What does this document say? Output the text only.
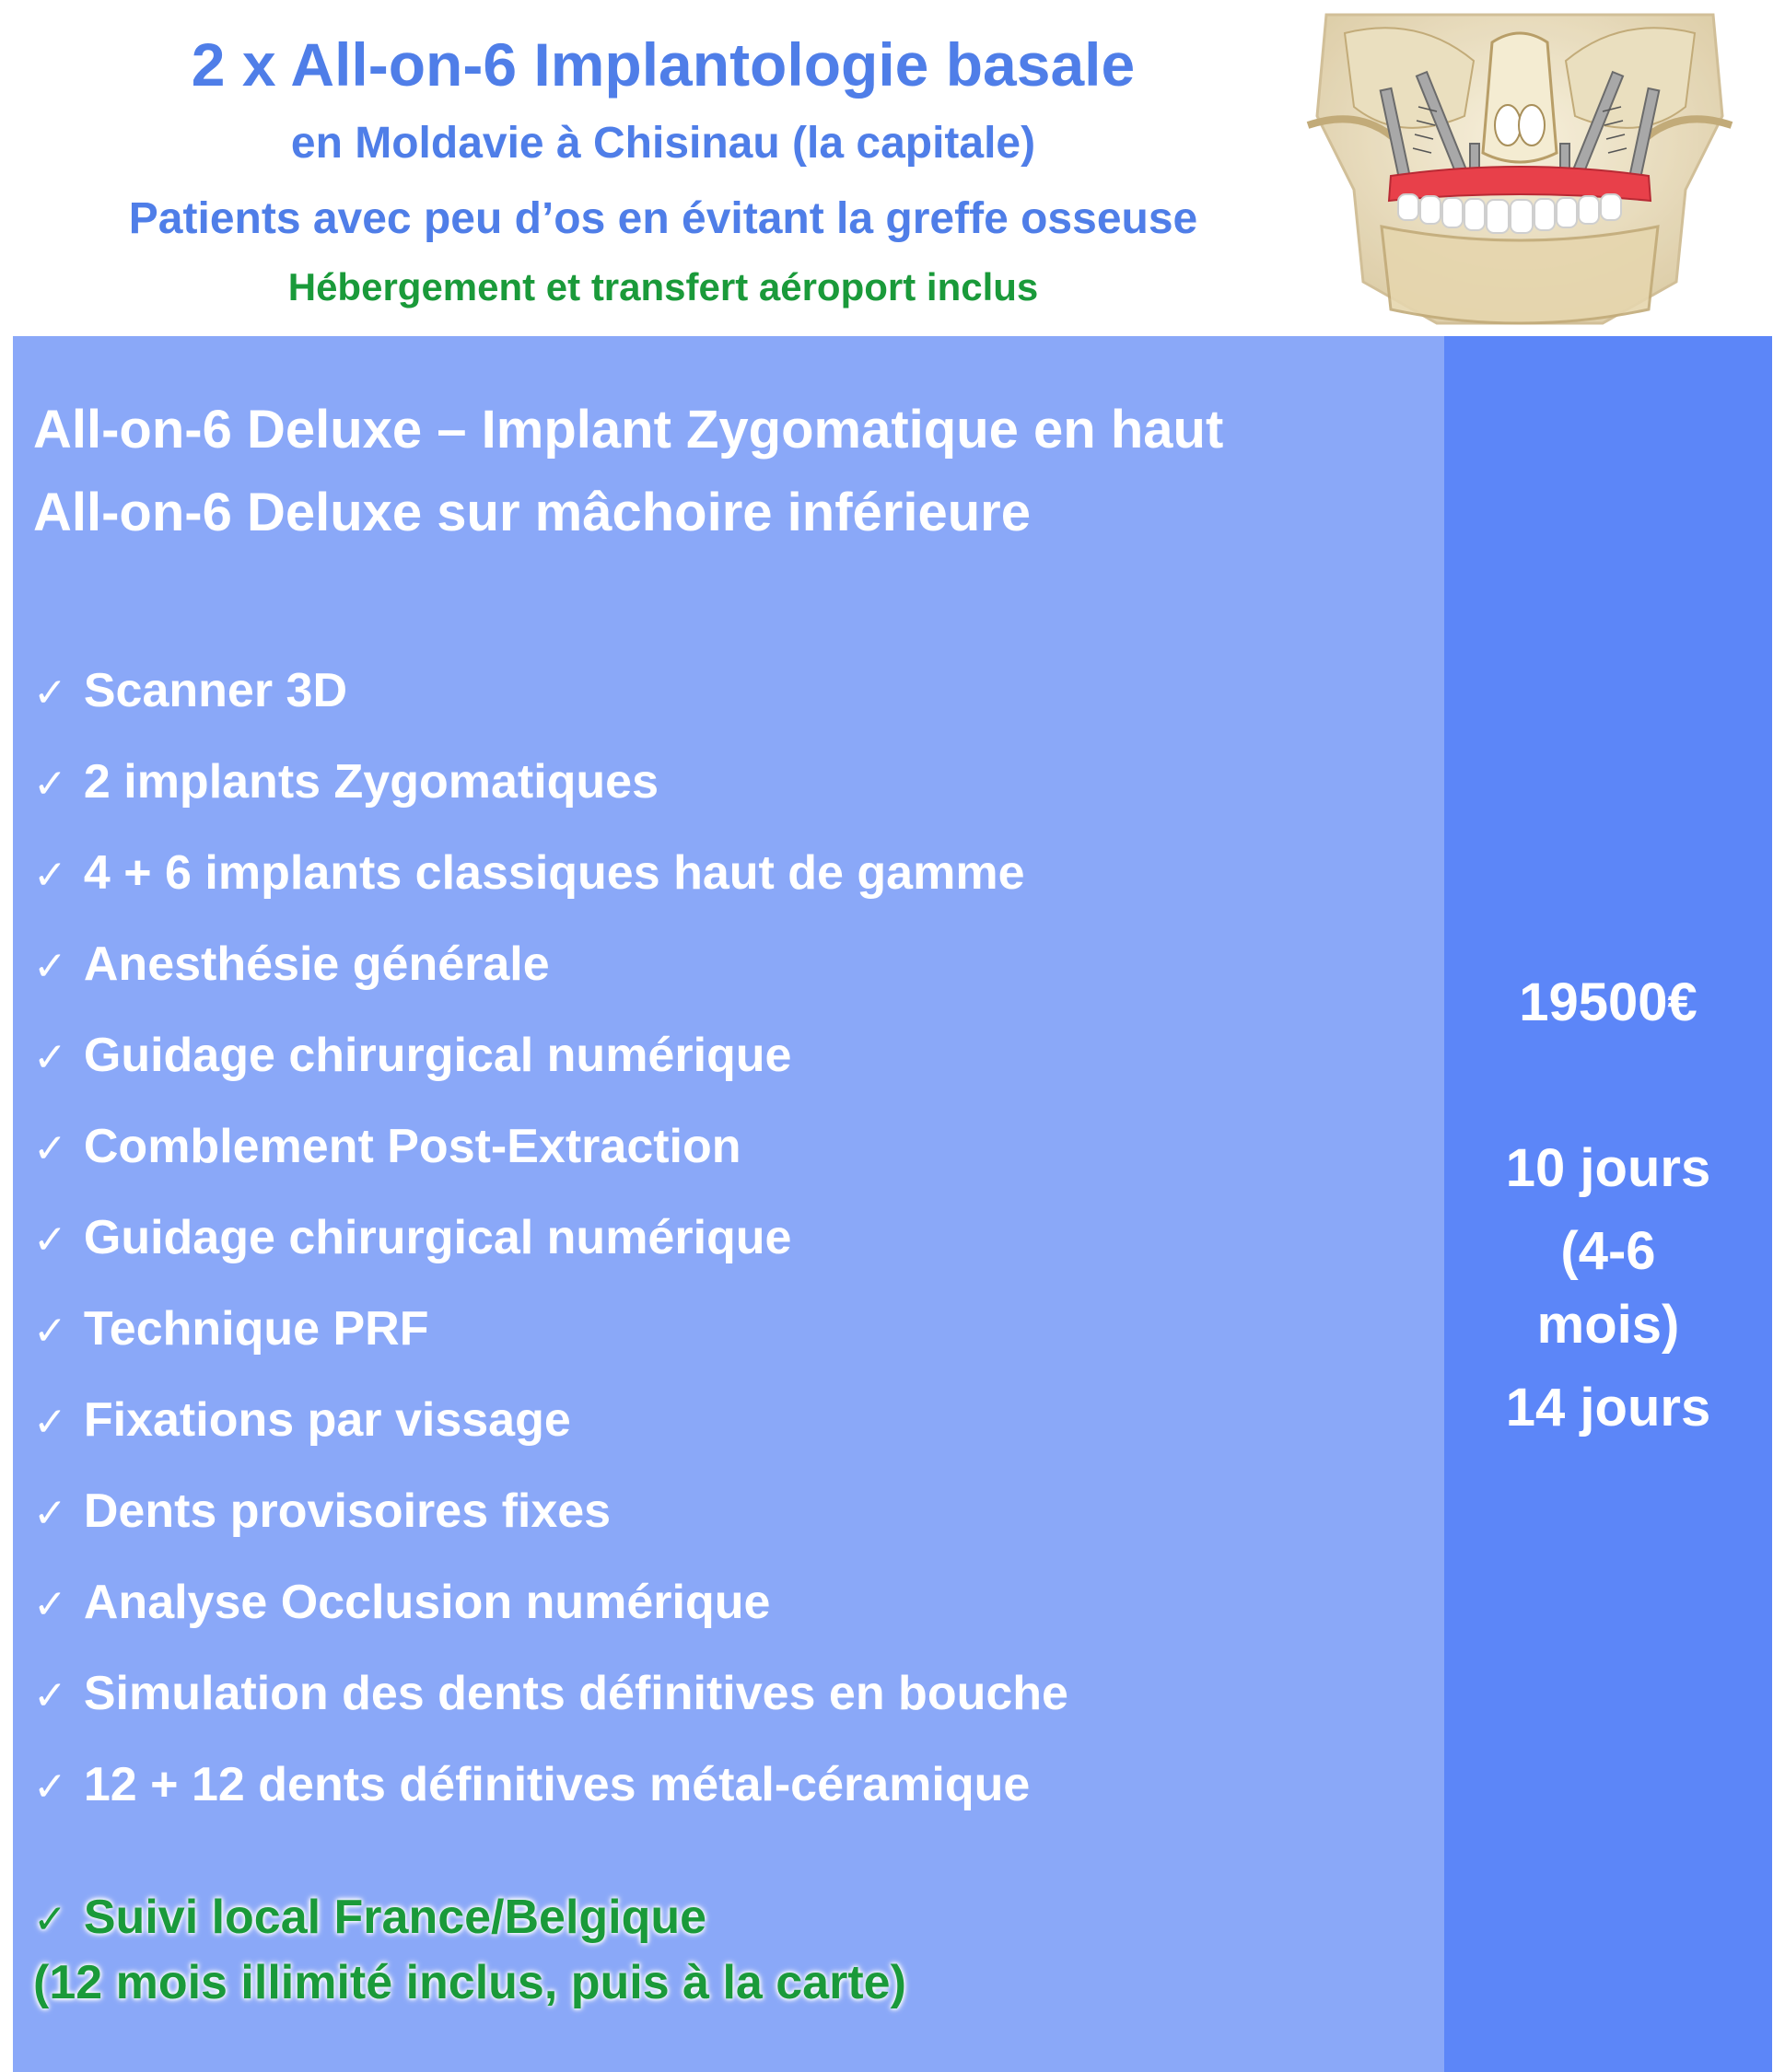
2 x All-on-6 Implantologie basale
en Moldavie à Chisinau (la capitale)
Patients avec peu d’os en évitant la greffe osseuse
Hébergement et transfert aéroport inclus
All-on-6 Deluxe – Implant Zygomatique en haut
All-on-6 Deluxe sur mâchoire inférieure
✓ Scanner 3D
✓ 2 implants Zygomatiques
✓ 4 + 6 implants classiques haut de gamme
✓ Anesthésie générale
✓ Guidage chirurgical numérique
✓ Comblement Post-Extraction
✓ Guidage chirurgical numérique
✓ Technique PRF
✓ Fixations par vissage
✓ Dents provisoires fixes
✓ Analyse Occlusion numérique
✓ Simulation des dents définitives en bouche
✓ 12 + 12 dents définitives métal-céramique
✓ Suivi local France/Belgique
(12 mois illimité inclus, puis à la carte)
19500€
10 jours
(4-6
mois)
14 jours
